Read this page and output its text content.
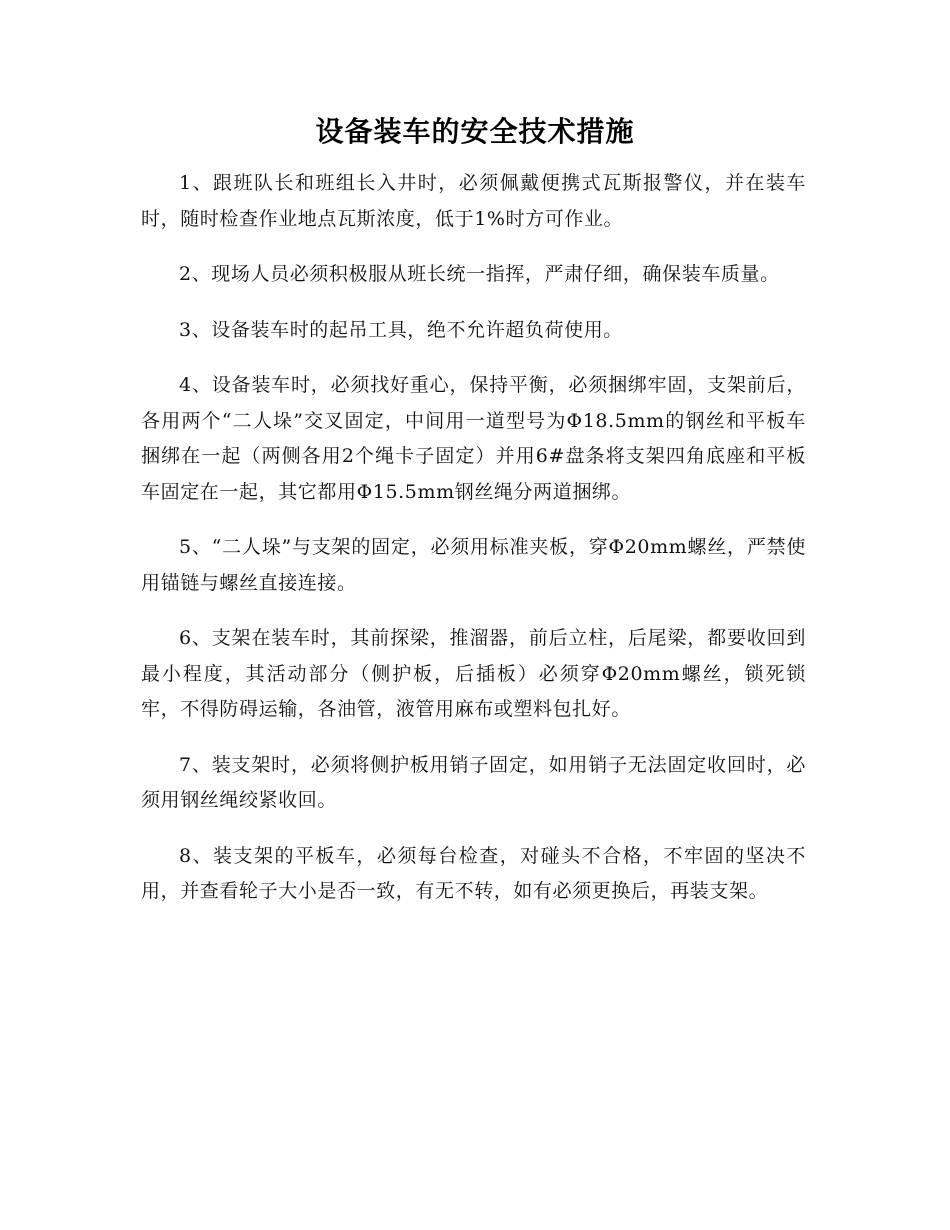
设备装车的安全技术措施

1、跟班队长和班组长入井时，必须佩戴便携式瓦斯报警仪，并在装车时，随时检查作业地点瓦斯浓度，低于1%时方可作业。

2、现场人员必须积极服从班长统一指挥，严肃仔细，确保装车质量。

3、设备装车时的起吊工具，绝不允许超负荷使用。

4、设备装车时，必须找好重心，保持平衡，必须捆绑牢固，支架前后，各用两个“二人垛”交叉固定，中间用一道型号为Φ18.5mm的钢丝和平板车捆绑在一起（两侧各用2个绳卡子固定）并用6#盘条将支架四角底座和平板车固定在一起，其它都用Φ15.5mm钢丝绳分两道捆绑。

5、“二人垛”与支架的固定，必须用标准夹板，穿Φ20mm螺丝，严禁使用锚链与螺丝直接连接。

6、支架在装车时，其前探梁，推溜器，前后立柱，后尾梁，都要收回到最小程度，其活动部分（侧护板，后插板）必须穿Φ20mm螺丝，锁死锁牢，不得防碍运输，各油管，液管用麻布或塑料包扎好。

7、装支架时，必须将侧护板用销子固定，如用销子无法固定收回时，必须用钢丝绳绞紧收回。

8、装支架的平板车，必须每台检查，对碰头不合格，不牢固的坚决不用，并查看轮子大小是否一致，有无不转，如有必须更换后，再装支架。
